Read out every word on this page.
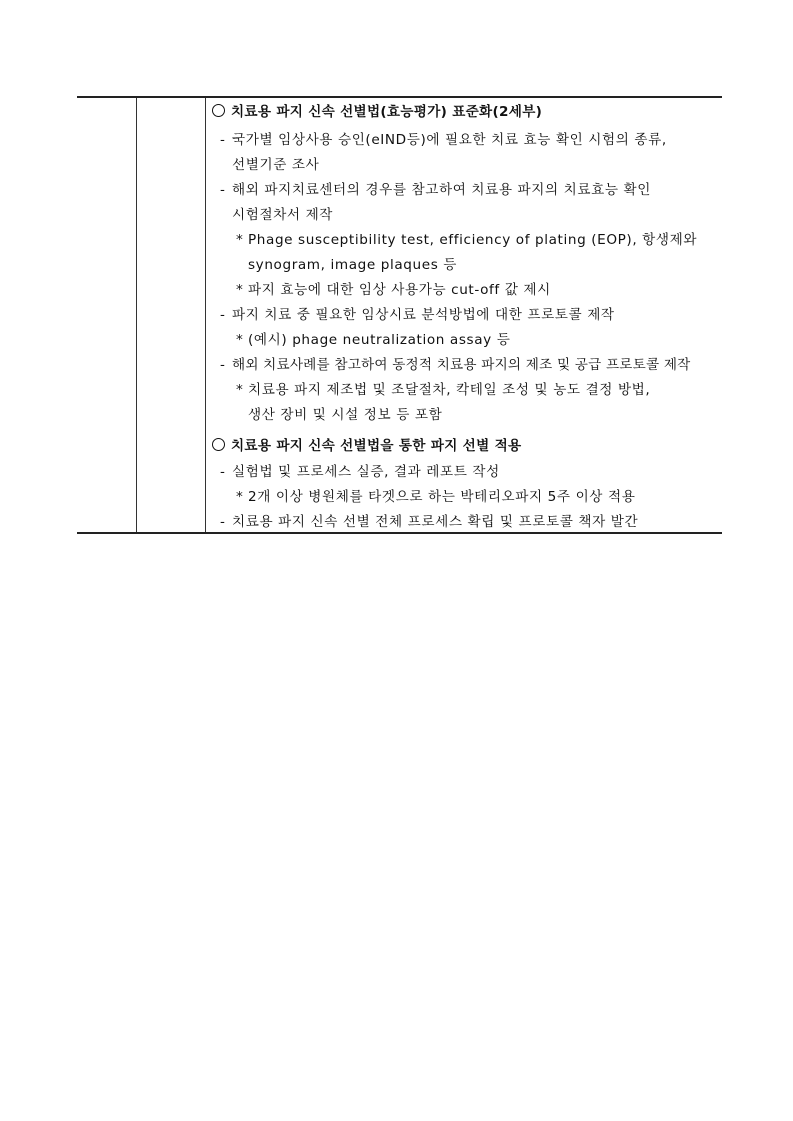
치료용 파지 신속 선별법(효능평가) 표준화(2세부)
- 국가별 임상사용 승인(eIND등)에 필요한 치료 효능 확인 시험의 종류,
선별기준 조사
- 해외 파지치료센터의 경우를 참고하여 치료용 파지의 치료효능 확인
시험절차서 제작
* Phage susceptibility test, efficiency of plating (EOP), 항생제와
synogram, image plaques 등
* 파지 효능에 대한 임상 사용가능 cut-off 값 제시
- 파지 치료 중 필요한 임상시료 분석방법에 대한 프로토콜 제작
* (예시) phage neutralization assay 등
- 해외 치료사례를 참고하여 동정적 치료용 파지의 제조 및 공급 프로토콜 제작
* 치료용 파지 제조법 및 조달절차, 칵테일 조성 및 농도 결정 방법,
생산 장비 및 시설 정보 등 포함
치료용 파지 신속 선별법을 통한 파지 선별 적용
- 실험법 및 프로세스 실증, 결과 레포트 작성
* 2개 이상 병원체를 타겟으로 하는 박테리오파지 5주 이상 적용
- 치료용 파지 신속 선별 전체 프로세스 확립 및 프로토콜 책자 발간
